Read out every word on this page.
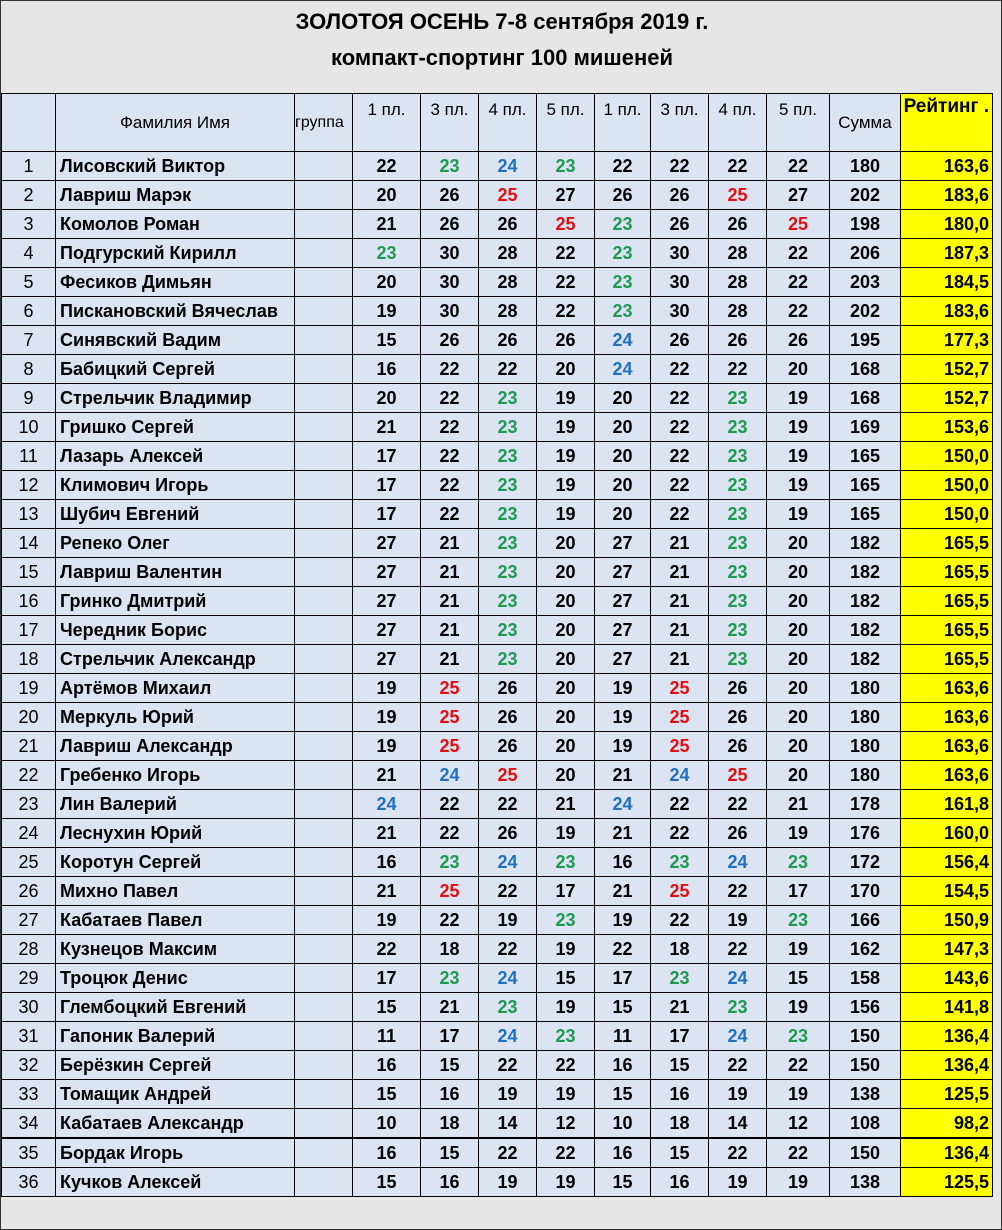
ЗОЛОТОЯ ОСЕНЬ 7-8 сентября 2019 г.
компакт-спортинг 100 мишеней
	Фамилия Имя	группа	1 пл.	3 пл.	4 пл.	5 пл.	1 пл.	3 пл.	4 пл.	5 пл.	Сумма	Рейтинг .
1	Лисовский Виктор		22	23	24	23	22	22	22	22	180	163,6
2	Лавриш Марэк		20	26	25	27	26	26	25	27	202	183,6
3	Комолов Роман		21	26	26	25	23	26	26	25	198	180,0
4	Подгурский Кирилл		23	30	28	22	23	30	28	22	206	187,3
5	Фесиков Димьян		20	30	28	22	23	30	28	22	203	184,5
6	Пискановский Вячеслав		19	30	28	22	23	30	28	22	202	183,6
7	Синявский Вадим		15	26	26	26	24	26	26	26	195	177,3
8	Бабицкий Сергей		16	22	22	20	24	22	22	20	168	152,7
9	Стрельчик Владимир		20	22	23	19	20	22	23	19	168	152,7
10	Гришко Сергей		21	22	23	19	20	22	23	19	169	153,6
11	Лазарь Алексей		17	22	23	19	20	22	23	19	165	150,0
12	Климович Игорь		17	22	23	19	20	22	23	19	165	150,0
13	Шубич Евгений		17	22	23	19	20	22	23	19	165	150,0
14	Репеко Олег		27	21	23	20	27	21	23	20	182	165,5
15	Лавриш Валентин		27	21	23	20	27	21	23	20	182	165,5
16	Гринко Дмитрий		27	21	23	20	27	21	23	20	182	165,5
17	Чередник Борис		27	21	23	20	27	21	23	20	182	165,5
18	Стрельчик Александр		27	21	23	20	27	21	23	20	182	165,5
19	Артёмов Михаил		19	25	26	20	19	25	26	20	180	163,6
20	Меркуль Юрий		19	25	26	20	19	25	26	20	180	163,6
21	Лавриш Александр		19	25	26	20	19	25	26	20	180	163,6
22	Гребенко Игорь		21	24	25	20	21	24	25	20	180	163,6
23	Лин Валерий		24	22	22	21	24	22	22	21	178	161,8
24	Леснухин Юрий		21	22	26	19	21	22	26	19	176	160,0
25	Коротун Сергей		16	23	24	23	16	23	24	23	172	156,4
26	Михно Павел		21	25	22	17	21	25	22	17	170	154,5
27	Кабатаев Павел		19	22	19	23	19	22	19	23	166	150,9
28	Кузнецов Максим		22	18	22	19	22	18	22	19	162	147,3
29	Троцюк Денис		17	23	24	15	17	23	24	15	158	143,6
30	Глембоцкий Евгений		15	21	23	19	15	21	23	19	156	141,8
31	Гапоник Валерий		11	17	24	23	11	17	24	23	150	136,4
32	Берёзкин Сергей		16	15	22	22	16	15	22	22	150	136,4
33	Томащик Андрей		15	16	19	19	15	16	19	19	138	125,5
34	Кабатаев Александр		10	18	14	12	10	18	14	12	108	98,2
35	Бордак Игорь		16	15	22	22	16	15	22	22	150	136,4
36	Кучков Алексей		15	16	19	19	15	16	19	19	138	125,5
